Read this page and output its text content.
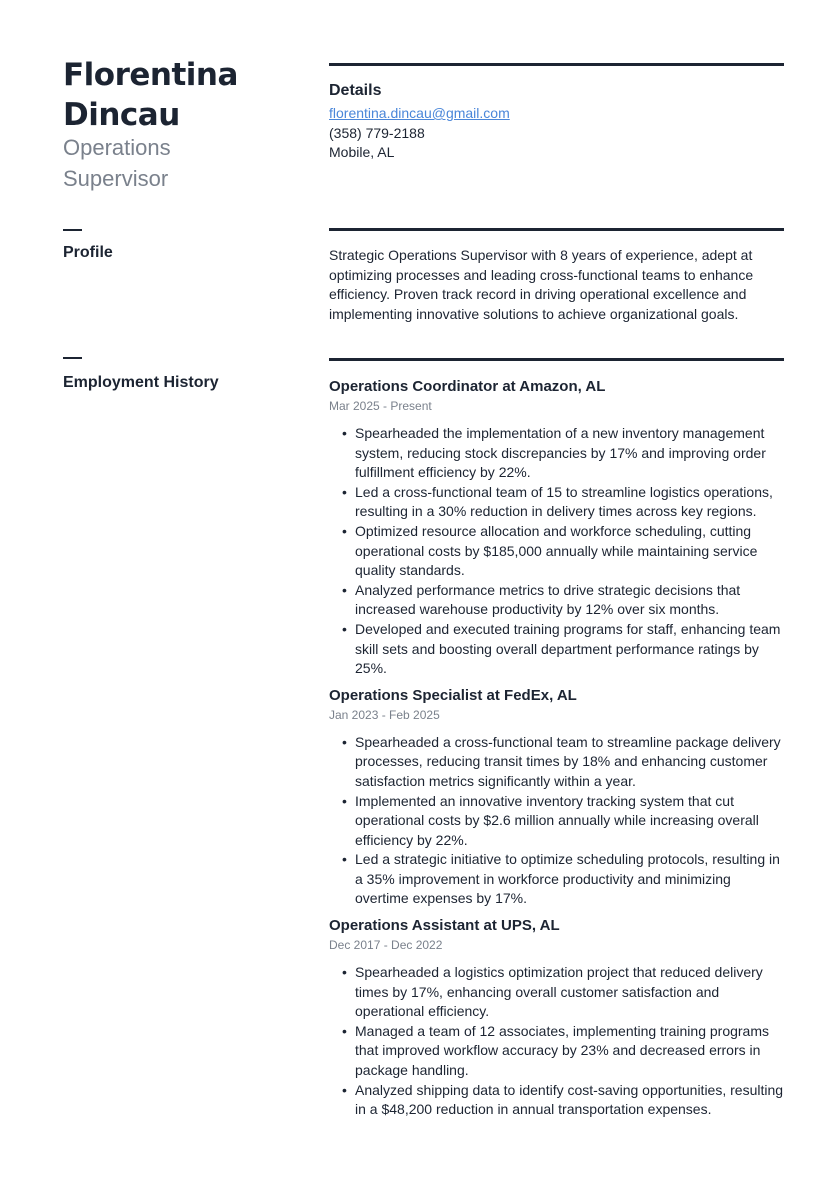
Florentina Dincau
Operations Supervisor
Details
florentina.dincau@gmail.com
(358) 779-2188
Mobile, AL
Profile	Strategic Operations Supervisor with 8 years of experience, adept at optimizing processes and leading cross-functional teams to enhance efficiency. Proven track record in driving operational excellence and implementing innovative solutions to achieve organizational goals.
Employment History	Operations Coordinator at Amazon, AL
Mar 2025 - Present
• Spearheaded the implementation of a new inventory management system, reducing stock discrepancies by 17% and improving order fulfillment efficiency by 22%.
• Led a cross-functional team of 15 to streamline logistics operations, resulting in a 30% reduction in delivery times across key regions.
• Optimized resource allocation and workforce scheduling, cutting operational costs by $185,000 annually while maintaining service quality standards.
• Analyzed performance metrics to drive strategic decisions that increased warehouse productivity by 12% over six months.
• Developed and executed training programs for staff, enhancing team skill sets and boosting overall department performance ratings by 25%.
Operations Specialist at FedEx, AL
Jan 2023 - Feb 2025
• Spearheaded a cross-functional team to streamline package delivery processes, reducing transit times by 18% and enhancing customer satisfaction metrics significantly within a year.
• Implemented an innovative inventory tracking system that cut operational costs by $2.6 million annually while increasing overall efficiency by 22%.
• Led a strategic initiative to optimize scheduling protocols, resulting in a 35% improvement in workforce productivity and minimizing overtime expenses by 17%.
Operations Assistant at UPS, AL
Dec 2017 - Dec 2022
• Spearheaded a logistics optimization project that reduced delivery times by 17%, enhancing overall customer satisfaction and operational efficiency.
• Managed a team of 12 associates, implementing training programs that improved workflow accuracy by 23% and decreased errors in package handling.
• Analyzed shipping data to identify cost-saving opportunities, resulting in a $48,200 reduction in annual transportation expenses.
